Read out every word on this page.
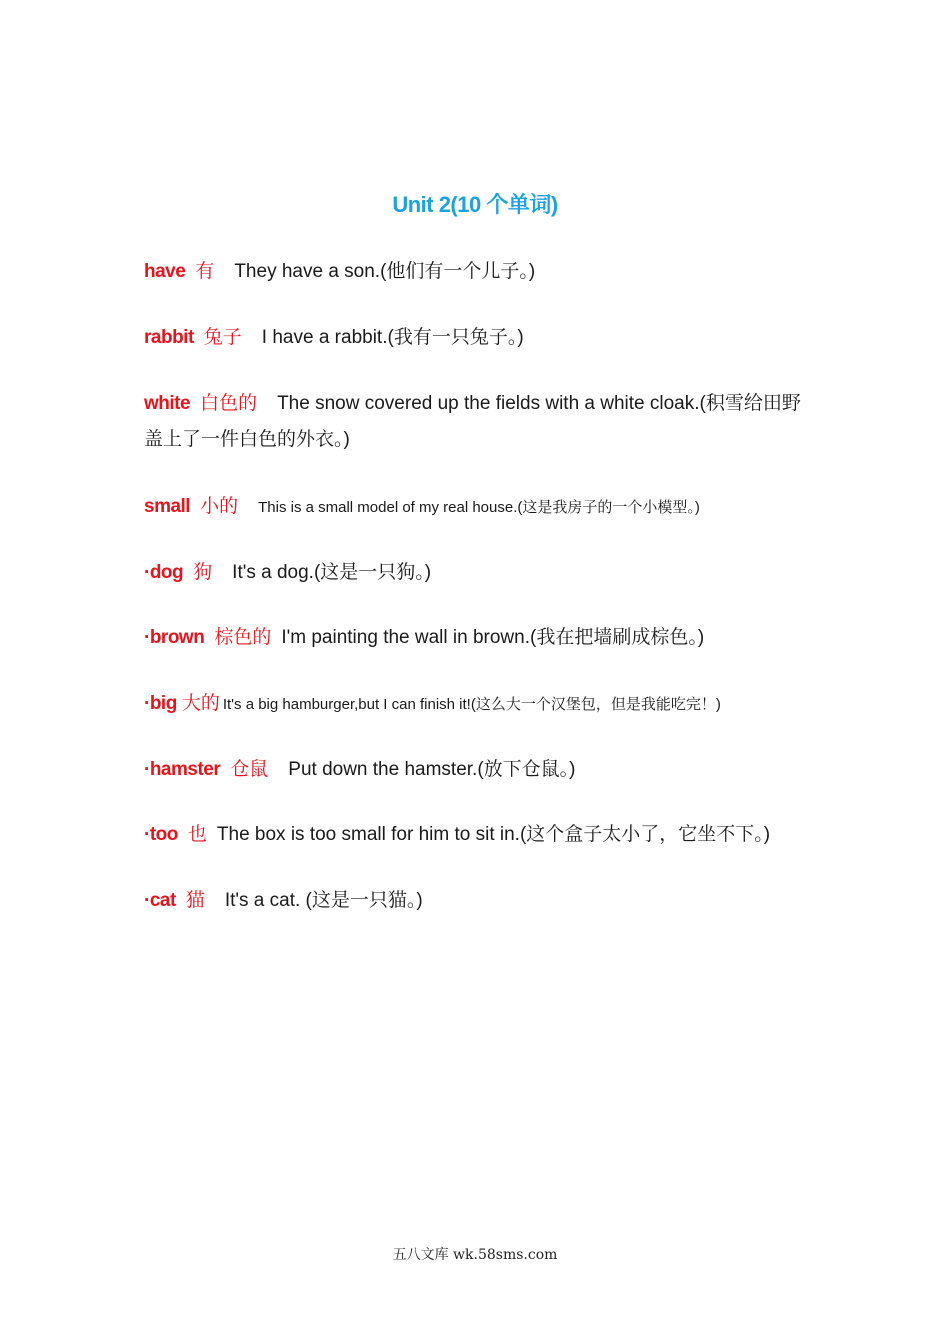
Unit 2(10 个单词)
have 有 They have a son.(他们有一个儿子。)
rabbit 兔子 I have a rabbit.(我有一只兔子。)
white 白色的 The snow covered up the fields with a white cloak.(积雪给田野盖上了一件白色的外衣。)
small 小的 This is a small model of my real house.(这是我房子的一个小模型。)
·dog 狗 It's a dog.(这是一只狗。)
·brown 棕色的 I'm painting the wall in brown.(我在把墙刷成棕色。)
·big 大的 It's a big hamburger,but I can finish it!(这么大一个汉堡包，但是我能吃完！)
·hamster 仓鼠 Put down the hamster.(放下仓鼠。)
·too 也 The box is too small for him to sit in.(这个盒子太小了，它坐不下。)
·cat 猫 It's a cat. (这是一只猫。)
五八文库 wk.58sms.com
